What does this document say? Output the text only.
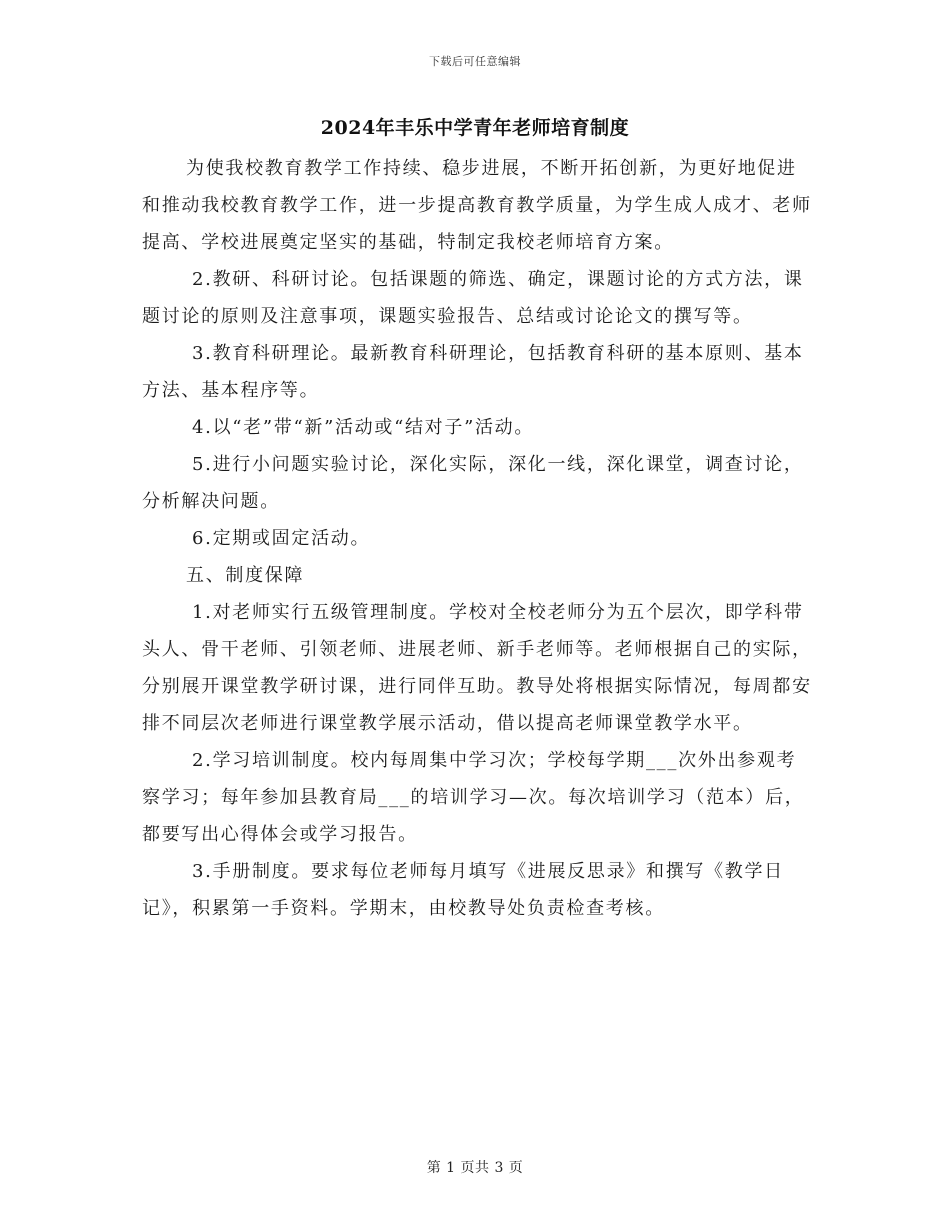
下载后可任意编辑
2024年丰乐中学青年老师培育制度

为使我校教育教学工作持续、稳步进展，不断开拓创新，为更好地促进和推动我校教育教学工作，进一步提高教育教学质量，为学生成人成才、老师提高、学校进展奠定坚实的基础，特制定我校老师培育方案。

2.教研、科研讨论。包括课题的筛选、确定，课题讨论的方式方法，课题讨论的原则及注意事项，课题实验报告、总结或讨论论文的撰写等。

3.教育科研理论。最新教育科研理论，包括教育科研的基本原则、基本方法、基本程序等。

4.以“老”带“新”活动或“结对子”活动。

5.进行小问题实验讨论，深化实际，深化一线，深化课堂，调查讨论，分析解决问题。

6.定期或固定活动。

五、制度保障

1.对老师实行五级管理制度。学校对全校老师分为五个层次，即学科带头人、骨干老师、引领老师、进展老师、新手老师等。老师根据自己的实际，分别展开课堂教学研讨课，进行同伴互助。教导处将根据实际情况，每周都安排不同层次老师进行课堂教学展示活动，借以提高老师课堂教学水平。

2.学习培训制度。校内每周集中学习次；学校每学期___次外出参观考察学习；每年参加县教育局___的培训学习—次。每次培训学习（范本）后，都要写出心得体会或学习报告。

3.手册制度。要求每位老师每月填写《进展反思录》和撰写《教学日记》，积累第一手资料。学期末，由校教导处负责检查考核。

第 1 页共 3 页
